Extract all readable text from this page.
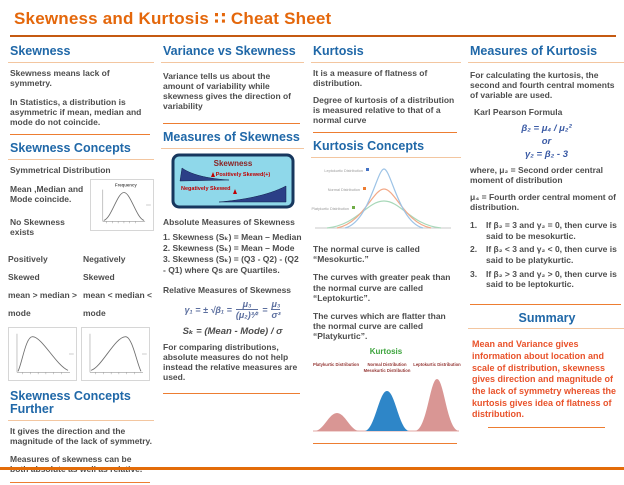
Skewness and Kurtosis ∷ Cheat Sheet
Skewness

Skewness means lack of symmetry.

In Statistics, a distribution is asymmetric if mean, median and mode do not coincide.

Skewness Concepts

Symmetrical Distribution

Mean ,Median and Mode coincide.

No Skewness exists

Frequency
Positively Skewed
mean > median > mode
Negatively Skewed
mean < median < mode
Skewness Concepts Further

It gives the direction and the magnitude of the lack of symmetry.

Measures of skewness can be both absolute as well as relative.

Variance vs Skewness

Variance tells us about the amount of variability while skewness gives the direction of variability

Measures of Skewness
Skewness
Positively Skewed(+)
Negatively Skewed

Absolute Measures of Skewness

1. Skewness (Sₖ) = Mean – Median

2. Skewness (Sₖ) = Mean – Mode

3. Skewness (Sₖ) = (Q3 - Q2) - (Q2 - Q1) where Qs are Quartiles.

Relative Measures of Skewness

γ₁ = ± $√\beta_1 = \frac{\text{μ₃}}{\text{(μ₂)³⁄²}} = \frac{\text{μ₃}}{\text{σ³}}$
Sₖ = (Mean - Mode) / σ

For comparing distributions, absolute measures do not help instead the relative measures are used.

Kurtosis

It is a measure of flatness of distribution.

Degree of kurtosis of a distribution is measured relative to that of a normal curve

Kurtosis Concepts
Leptokurtic Distribution
Normal Distribution
Platykurtic Distribution

The normal curve is called “Mesokurtic.”

The curves with greater peak than the normal curve are called “Leptokurtic”.

The curves which are flatter than the normal curve are called “Platykurtic”.

Kurtosis
Platykurtic Distribution Normal Distribution
Mesokurtic Distribution
Leptokurtic Distribution
Measures of Kurtosis

For calculating the kurtosis, the second and fourth central moments of variable are used.

Karl Pearson Formula

β₂ = μ₄ / μ₂²
or
γ₂ = β₂ - 3

where, μ₂ = Second order central moment of distribution

μ₄ = Fourth order central moment of distribution.

1.	If β₂ = 3 and γ₂ = 0, then curve is said to be mesokurtic.
2.	If β₂ < 3 and γ₂ < 0, then curve is said to be platykurtic.
3.	If β₂ > 3 and γ₂ > 0, then curve is said to be leptokurtic.
Summary
Mean and Variance gives information about location and scale of distribution, skewness gives direction and magnitude of the lack of symmetry whereas the kurtosis gives idea of flatness of distribution.
